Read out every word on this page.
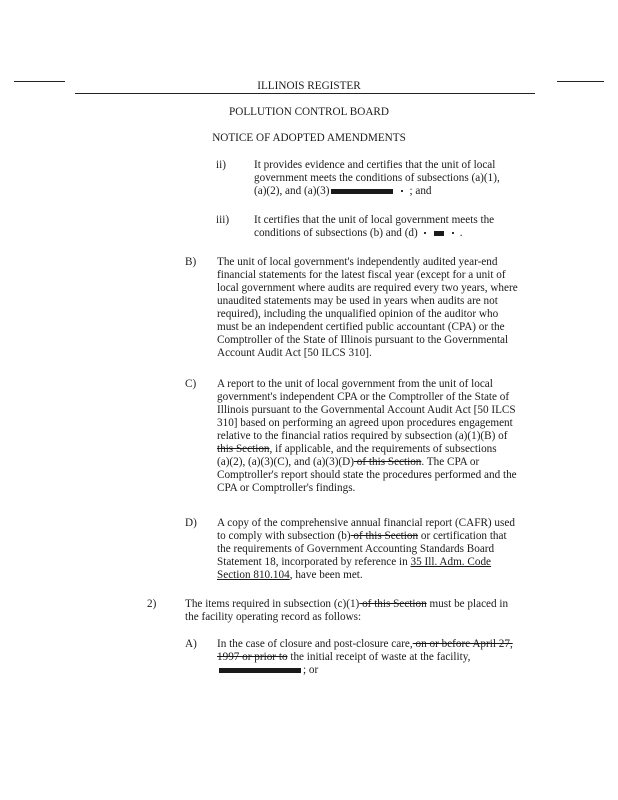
ILLINOIS REGISTER
POLLUTION CONTROL BOARD
NOTICE OF ADOPTED AMENDMENTS
ii)	It provides evidence and certifies that the unit of local
government meets the conditions of subsections (a)(1),
(a)(2), and (a)(3)	; and
iii) It certifies that the unit of local government meets the
conditions of subsections (b) and (d)	.
B) The unit of local government's independently audited year-end
financial statements for the latest fiscal year (except for a unit of
local government where audits are required every two years, where
unaudited statements may be used in years when audits are not
required), including the unqualified opinion of the auditor who
must be an independent certified public accountant (CPA) or the
Comptroller of the State of Illinois pursuant to the Governmental
Account Audit Act [50 ILCS 310].
C) A report to the unit of local government from the unit of local
government's independent CPA or the Comptroller of the State of
Illinois pursuant to the Governmental Account Audit Act [50 ILCS
310] based on performing an agreed upon procedures engagement
relative to the financial ratios required by subsection (a)(1)(B) of
this Section, if applicable, and the requirements of subsections
(a)(2), (a)(3)(C), and (a)(3)(D) of this Section. The CPA or
Comptroller's report should state the procedures performed and the
CPA or Comptroller's findings.
D) A copy of the comprehensive annual financial report (CAFR) used
to comply with subsection (b) of this Section or certification that
the requirements of Government Accounting Standards Board
Statement 18, incorporated by reference in 35 Ill. Adm. Code
Section 810.104, have been met.
2)	The items required in subsection (c)(1) of this Section must be placed in
the facility operating record as follows:
A) In the case of closure and post-closure care, on or before April 27,
1997 or prior to the initial receipt of waste at the facility,
; or
